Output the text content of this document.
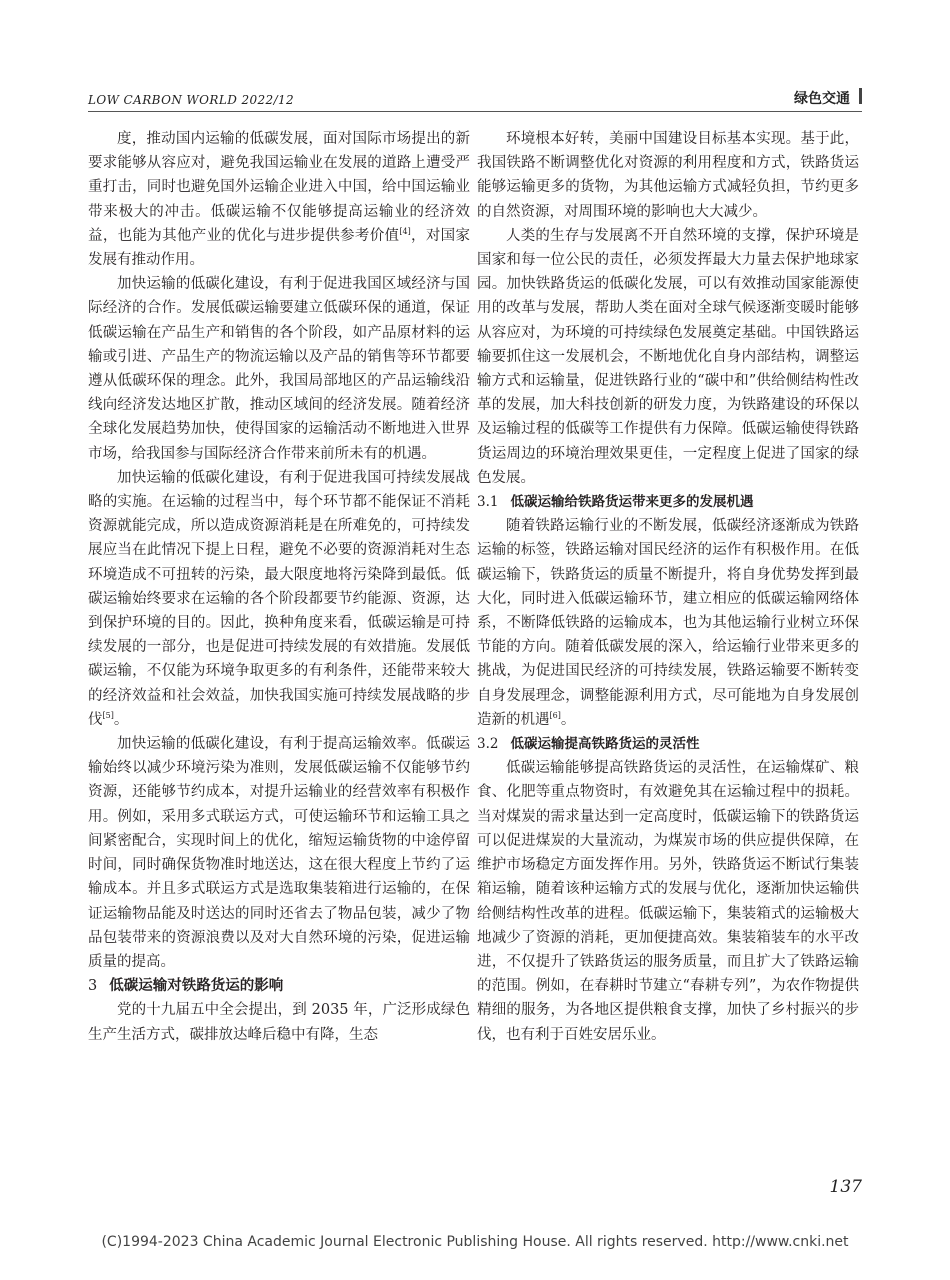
LOW CARBON WORLD 2022/12	绿色交通

度，推动国内运输的低碳发展，面对国际市场提出的新要求能够从容应对，避免我国运输业在发展的道路上遭受严重打击，同时也避免国外运输企业进入中国，给中国运输业带来极大的冲击。低碳运输不仅能够提高运输业的经济效益，也能为其他产业的优化与进步提供参考价值[4]，对国家发展有推动作用。

加快运输的低碳化建设，有利于促进我国区域经济与国际经济的合作。发展低碳运输要建立低碳环保的通道，保证低碳运输在产品生产和销售的各个阶段，如产品原材料的运输或引进、产品生产的物流运输以及产品的销售等环节都要遵从低碳环保的理念。此外，我国局部地区的产品运输线沿线向经济发达地区扩散，推动区域间的经济发展。随着经济全球化发展趋势加快，使得国家的运输活动不断地进入世界市场，给我国参与国际经济合作带来前所未有的机遇。

加快运输的低碳化建设，有利于促进我国可持续发展战略的实施。在运输的过程当中，每个环节都不能保证不消耗资源就能完成，所以造成资源消耗是在所难免的，可持续发展应当在此情况下提上日程，避免不必要的资源消耗对生态环境造成不可扭转的污染，最大限度地将污染降到最低。低碳运输始终要求在运输的各个阶段都要节约能源、资源，达到保护环境的目的。因此，换种角度来看，低碳运输是可持续发展的一部分，也是促进可持续发展的有效措施。发展低碳运输，不仅能为环境争取更多的有利条件，还能带来较大的经济效益和社会效益，加快我国实施可持续发展战略的步伐[5]。

加快运输的低碳化建设，有利于提高运输效率。低碳运输始终以减少环境污染为准则，发展低碳运输不仅能够节约资源，还能够节约成本，对提升运输业的经营效率有积极作用。例如，采用多式联运方式，可使运输环节和运输工具之间紧密配合，实现时间上的优化，缩短运输货物的中途停留时间，同时确保货物准时地送达，这在很大程度上节约了运输成本。并且多式联运方式是选取集装箱进行运输的，在保证运输物品能及时送达的同时还省去了物品包装，减少了物品包装带来的资源浪费以及对大自然环境的污染，促进运输质量的提高。

3 低碳运输对铁路货运的影响

党的十九届五中全会提出，到 2035 年，广泛形成绿色生产生活方式，碳排放达峰后稳中有降，生态

环境根本好转，美丽中国建设目标基本实现。基于此，我国铁路不断调整优化对资源的利用程度和方式，铁路货运能够运输更多的货物，为其他运输方式减轻负担，节约更多的自然资源，对周围环境的影响也大大减少。

人类的生存与发展离不开自然环境的支撑，保护环境是国家和每一位公民的责任，必须发挥最大力量去保护地球家园。加快铁路货运的低碳化发展，可以有效推动国家能源使用的改革与发展，帮助人类在面对全球气候逐渐变暖时能够从容应对，为环境的可持续绿色发展奠定基础。中国铁路运输要抓住这一发展机会，不断地优化自身内部结构，调整运输方式和运输量，促进铁路行业的“碳中和”供给侧结构性改革的发展，加大科技创新的研发力度，为铁路建设的环保以及运输过程的低碳等工作提供有力保障。低碳运输使得铁路货运周边的环境治理效果更佳，一定程度上促进了国家的绿色发展。

3.1 低碳运输给铁路货运带来更多的发展机遇

随着铁路运输行业的不断发展，低碳经济逐渐成为铁路运输的标签，铁路运输对国民经济的运作有积极作用。在低碳运输下，铁路货运的质量不断提升，将自身优势发挥到最大化，同时进入低碳运输环节，建立相应的低碳运输网络体系，不断降低铁路的运输成本，也为其他运输行业树立环保节能的方向。随着低碳发展的深入，给运输行业带来更多的挑战，为促进国民经济的可持续发展，铁路运输要不断转变自身发展理念，调整能源利用方式，尽可能地为自身发展创造新的机遇[6]。

3.2 低碳运输提高铁路货运的灵活性

低碳运输能够提高铁路货运的灵活性，在运输煤矿、粮食、化肥等重点物资时，有效避免其在运输过程中的损耗。当对煤炭的需求量达到一定高度时，低碳运输下的铁路货运可以促进煤炭的大量流动，为煤炭市场的供应提供保障，在维护市场稳定方面发挥作用。另外，铁路货运不断试行集装箱运输，随着该种运输方式的发展与优化，逐渐加快运输供给侧结构性改革的进程。低碳运输下，集装箱式的运输极大地减少了资源的消耗，更加便捷高效。集装箱装车的水平改进，不仅提升了铁路货运的服务质量，而且扩大了铁路运输的范围。例如，在春耕时节建立“春耕专列”，为农作物提供精细的服务，为各地区提供粮食支撑，加快了乡村振兴的步伐，也有利于百姓安居乐业。

137
(C)1994-2023 China Academic Journal Electronic Publishing House. All rights reserved. http://www.cnki.net
